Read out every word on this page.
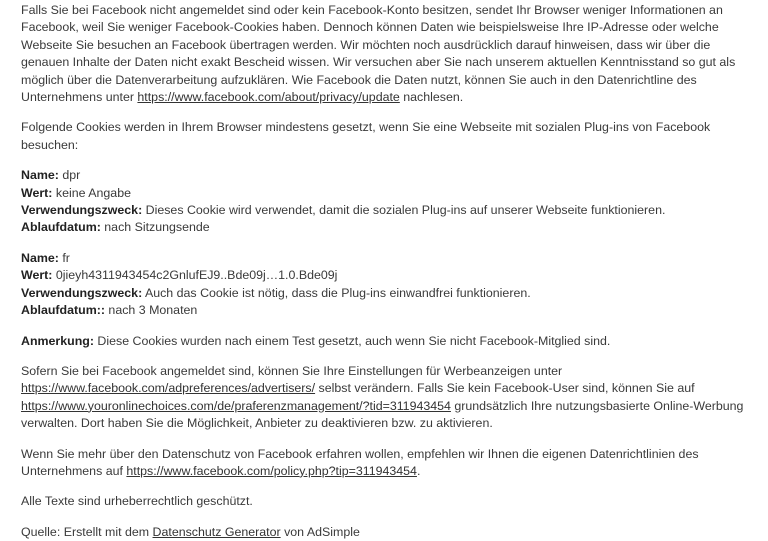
Falls Sie bei Facebook nicht angemeldet sind oder kein Facebook-Konto besitzen, sendet Ihr Browser weniger Informationen an Facebook, weil Sie weniger Facebook-Cookies haben. Dennoch können Daten wie beispielsweise Ihre IP-Adresse oder welche Webseite Sie besuchen an Facebook übertragen werden. Wir möchten noch ausdrücklich darauf hinweisen, dass wir über die genauen Inhalte der Daten nicht exakt Bescheid wissen. Wir versuchen aber Sie nach unserem aktuellen Kenntnisstand so gut als möglich über die Datenverarbeitung aufzuklären. Wie Facebook die Daten nutzt, können Sie auch in den Datenrichtline des Unternehmens unter https://www.facebook.com/about/privacy/update nachlesen.

Folgende Cookies werden in Ihrem Browser mindestens gesetzt, wenn Sie eine Webseite mit sozialen Plug-ins von Facebook besuchen:

Name: dpr
Wert: keine Angabe
Verwendungszweck: Dieses Cookie wird verwendet, damit die sozialen Plug-ins auf unserer Webseite funktionieren.
Ablaufdatum: nach Sitzungsende

Name: fr
Wert: 0jieyh4311943454c2GnlufEJ9..Bde09j…1.0.Bde09j
Verwendungszweck: Auch das Cookie ist nötig, dass die Plug-ins einwandfrei funktionieren.
Ablaufdatum:: nach 3 Monaten

Anmerkung: Diese Cookies wurden nach einem Test gesetzt, auch wenn Sie nicht Facebook-Mitglied sind.

Sofern Sie bei Facebook angemeldet sind, können Sie Ihre Einstellungen für Werbeanzeigen unter https://www.facebook.com/adpreferences/advertisers/ selbst verändern. Falls Sie kein Facebook-User sind, können Sie auf https://www.youronlinechoices.com/de/praferenzmanagement/?tid=311943454 grundsätzlich Ihre nutzungsbasierte Online-Werbung verwalten. Dort haben Sie die Möglichkeit, Anbieter zu deaktivieren bzw. zu aktivieren.

Wenn Sie mehr über den Datenschutz von Facebook erfahren wollen, empfehlen wir Ihnen die eigenen Datenrichtlinien des Unternehmens auf https://www.facebook.com/policy.php?tip=311943454.

Alle Texte sind urheberrechtlich geschützt.

Quelle: Erstellt mit dem Datenschutz Generator von AdSimple
